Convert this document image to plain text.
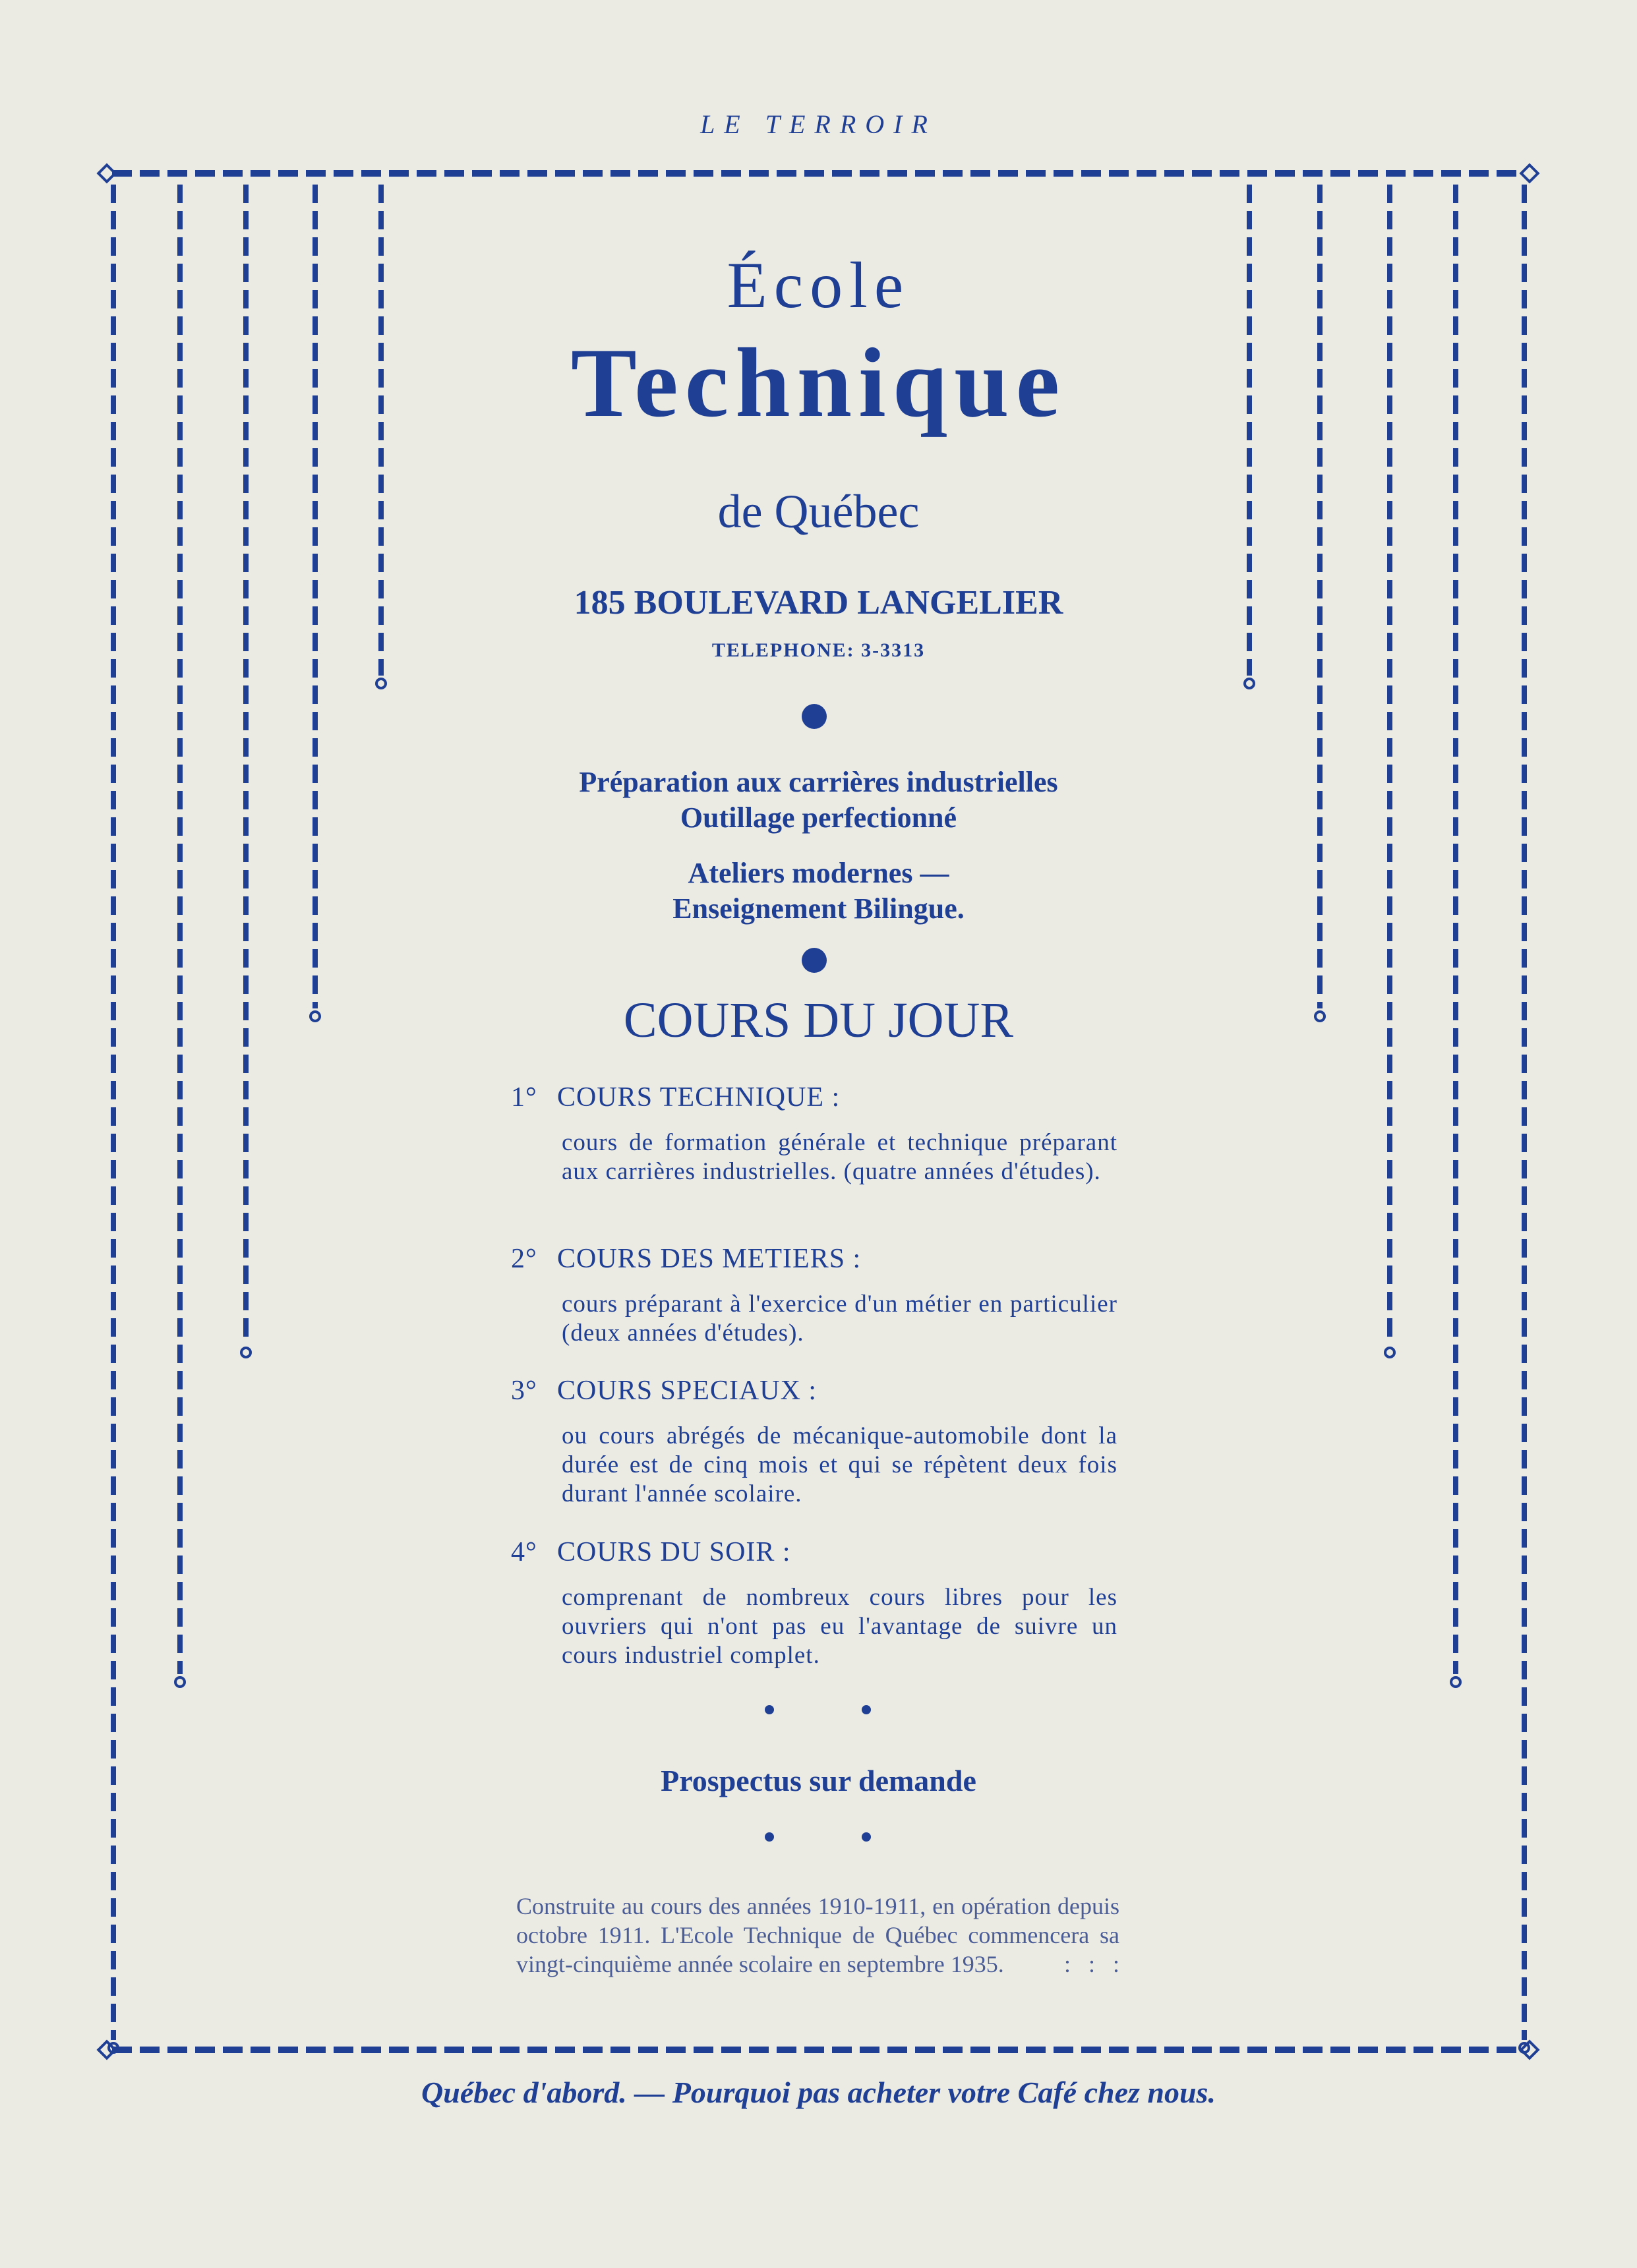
LE TERROIR
École
Technique
de Québec
185 BOULEVARD LANGELIER
TELEPHONE: 3-3313
Préparation aux carrières industrielles
Outillage perfectionné
Ateliers modernes —
Enseignement Bilingue.
COURS DU JOUR
1° COURS TECHNIQUE :
cours de formation générale et technique préparant aux carrières industrielles. (quatre années d'études).
2° COURS DES METIERS :
cours préparant à l'exercice d'un métier en particulier (deux années d'études).
3° COURS SPECIAUX :
ou cours abrégés de mécanique-automobile dont la durée est de cinq mois et qui se répètent deux fois durant l'année scolaire.
4° COURS DU SOIR :
comprenant de nombreux cours libres pour les ouvriers qui n'ont pas eu l'avantage de suivre un cours industriel complet.
Prospectus sur demande
Construite au cours des années 1910-1911, en opération depuis octobre 1911. L'Ecole Technique de Québec commencera sa vingt-cinquième année scolaire en septembre 1935.	:   :   :
Québec d'abord. — Pourquoi pas acheter votre Café chez nous.
